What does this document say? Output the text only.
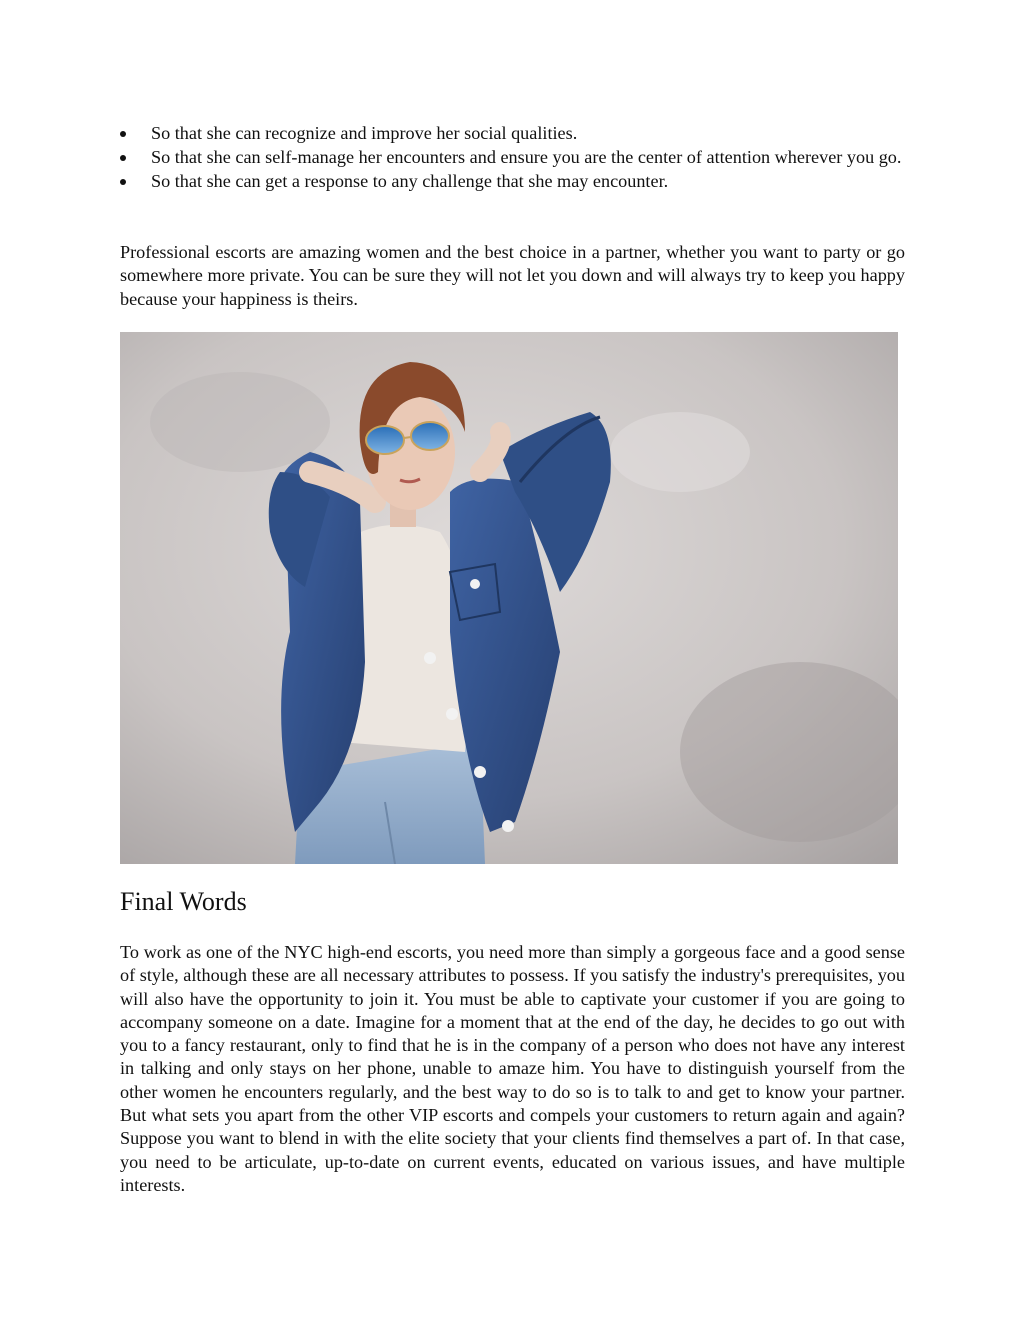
So that she can recognize and improve her social qualities.
So that she can self-manage her encounters and ensure you are the center of attention wherever you go.
So that she can get a response to any challenge that she may encounter.

Professional escorts are amazing women and the best choice in a partner, whether you want to party or go somewhere more private. You can be sure they will not let you down and will always try to keep you happy because your happiness is theirs.

Final Words

To work as one of the NYC high-end escorts, you need more than simply a gorgeous face and a good sense of style, although these are all necessary attributes to possess. If you satisfy the industry's prerequisites, you will also have the opportunity to join it. You must be able to captivate your customer if you are going to accompany someone on a date. Imagine for a moment that at the end of the day, he decides to go out with you to a fancy restaurant, only to find that he is in the company of a person who does not have any interest in talking and only stays on her phone, unable to amaze him. You have to distinguish yourself from the other women he encounters regularly, and the best way to do so is to talk to and get to know your partner. But what sets you apart from the other VIP escorts and compels your customers to return again and again? Suppose you want to blend in with the elite society that your clients find themselves a part of. In that case, you need to be articulate, up-to-date on current events, educated on various issues, and have multiple interests.
